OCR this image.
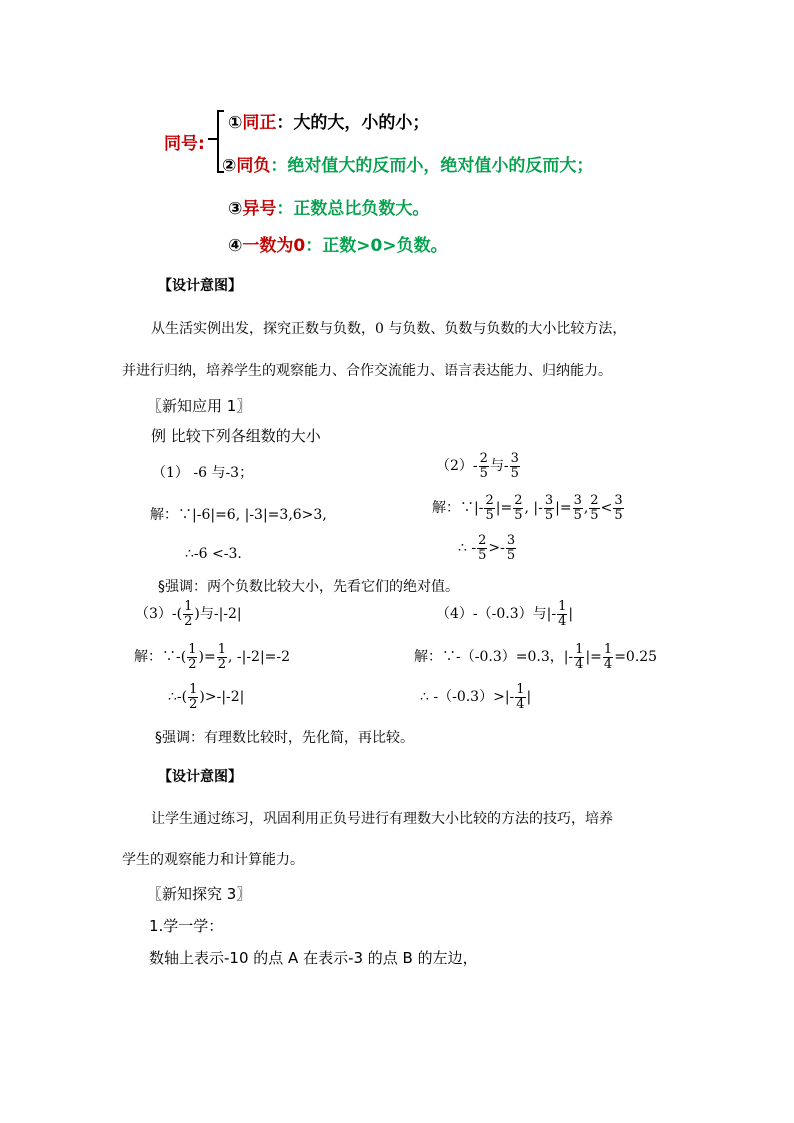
同号:
①同正：大的大，小的小；
②同负：绝对值大的反而小，绝对值小的反而大；
③异号：正数总比负数大。
④一数为0：正数>0>负数。
【设计意图】
从生活实例出发，探究正数与负数，0 与负数、负数与负数的大小比较方法，
并进行归纳，培养学生的观察能力、合作交流能力、语言表达能力、归纳能力。
〖新知应用 1〗
例 比较下列各组数的大小
（1） -6 与-3；	$(2)- \frac{2}{5}$ 与- $\frac{3}{5}$
解：∵|-6|=6, |-3|=3,6>3,	解：∵|- $\frac{2}{5}$ |= $\frac{2}{5}$ , |- $\frac{3}{5}$ |= $\frac{3}{5}$ , $\frac{2}{5} < \frac{3}{5}$
∴-6 <-3.	∴ - $\frac{2}{5} >- \frac{3}{5}$
§强调：两个负数比较大小，先看它们的绝对值。
$(3)-( \frac{1}{2}$ )与-|-2|	（4）-（-0.3）与|- $\frac{1}{4}$ |
解：∵-( $\frac{1}{2}$ )= $\frac{1}{2}$ , -|-2|=-2	解：∵-（-0.3）=0.3，|- $\frac{1}{4}$ |= $\frac{1}{4} =0.25$
∴-( $\frac{1}{2} )>-|-2|$	∴ $-(-0.3)>|- \frac{1}{4}$ |
§强调：有理数比较时，先化简，再比较。
【设计意图】
让学生通过练习，巩固利用正负号进行有理数大小比较的方法的技巧，培养
学生的观察能力和计算能力。
〖新知探究 3〗
1.学一学：
数轴上表示-10 的点 A 在表示-3 的点 B 的左边，
